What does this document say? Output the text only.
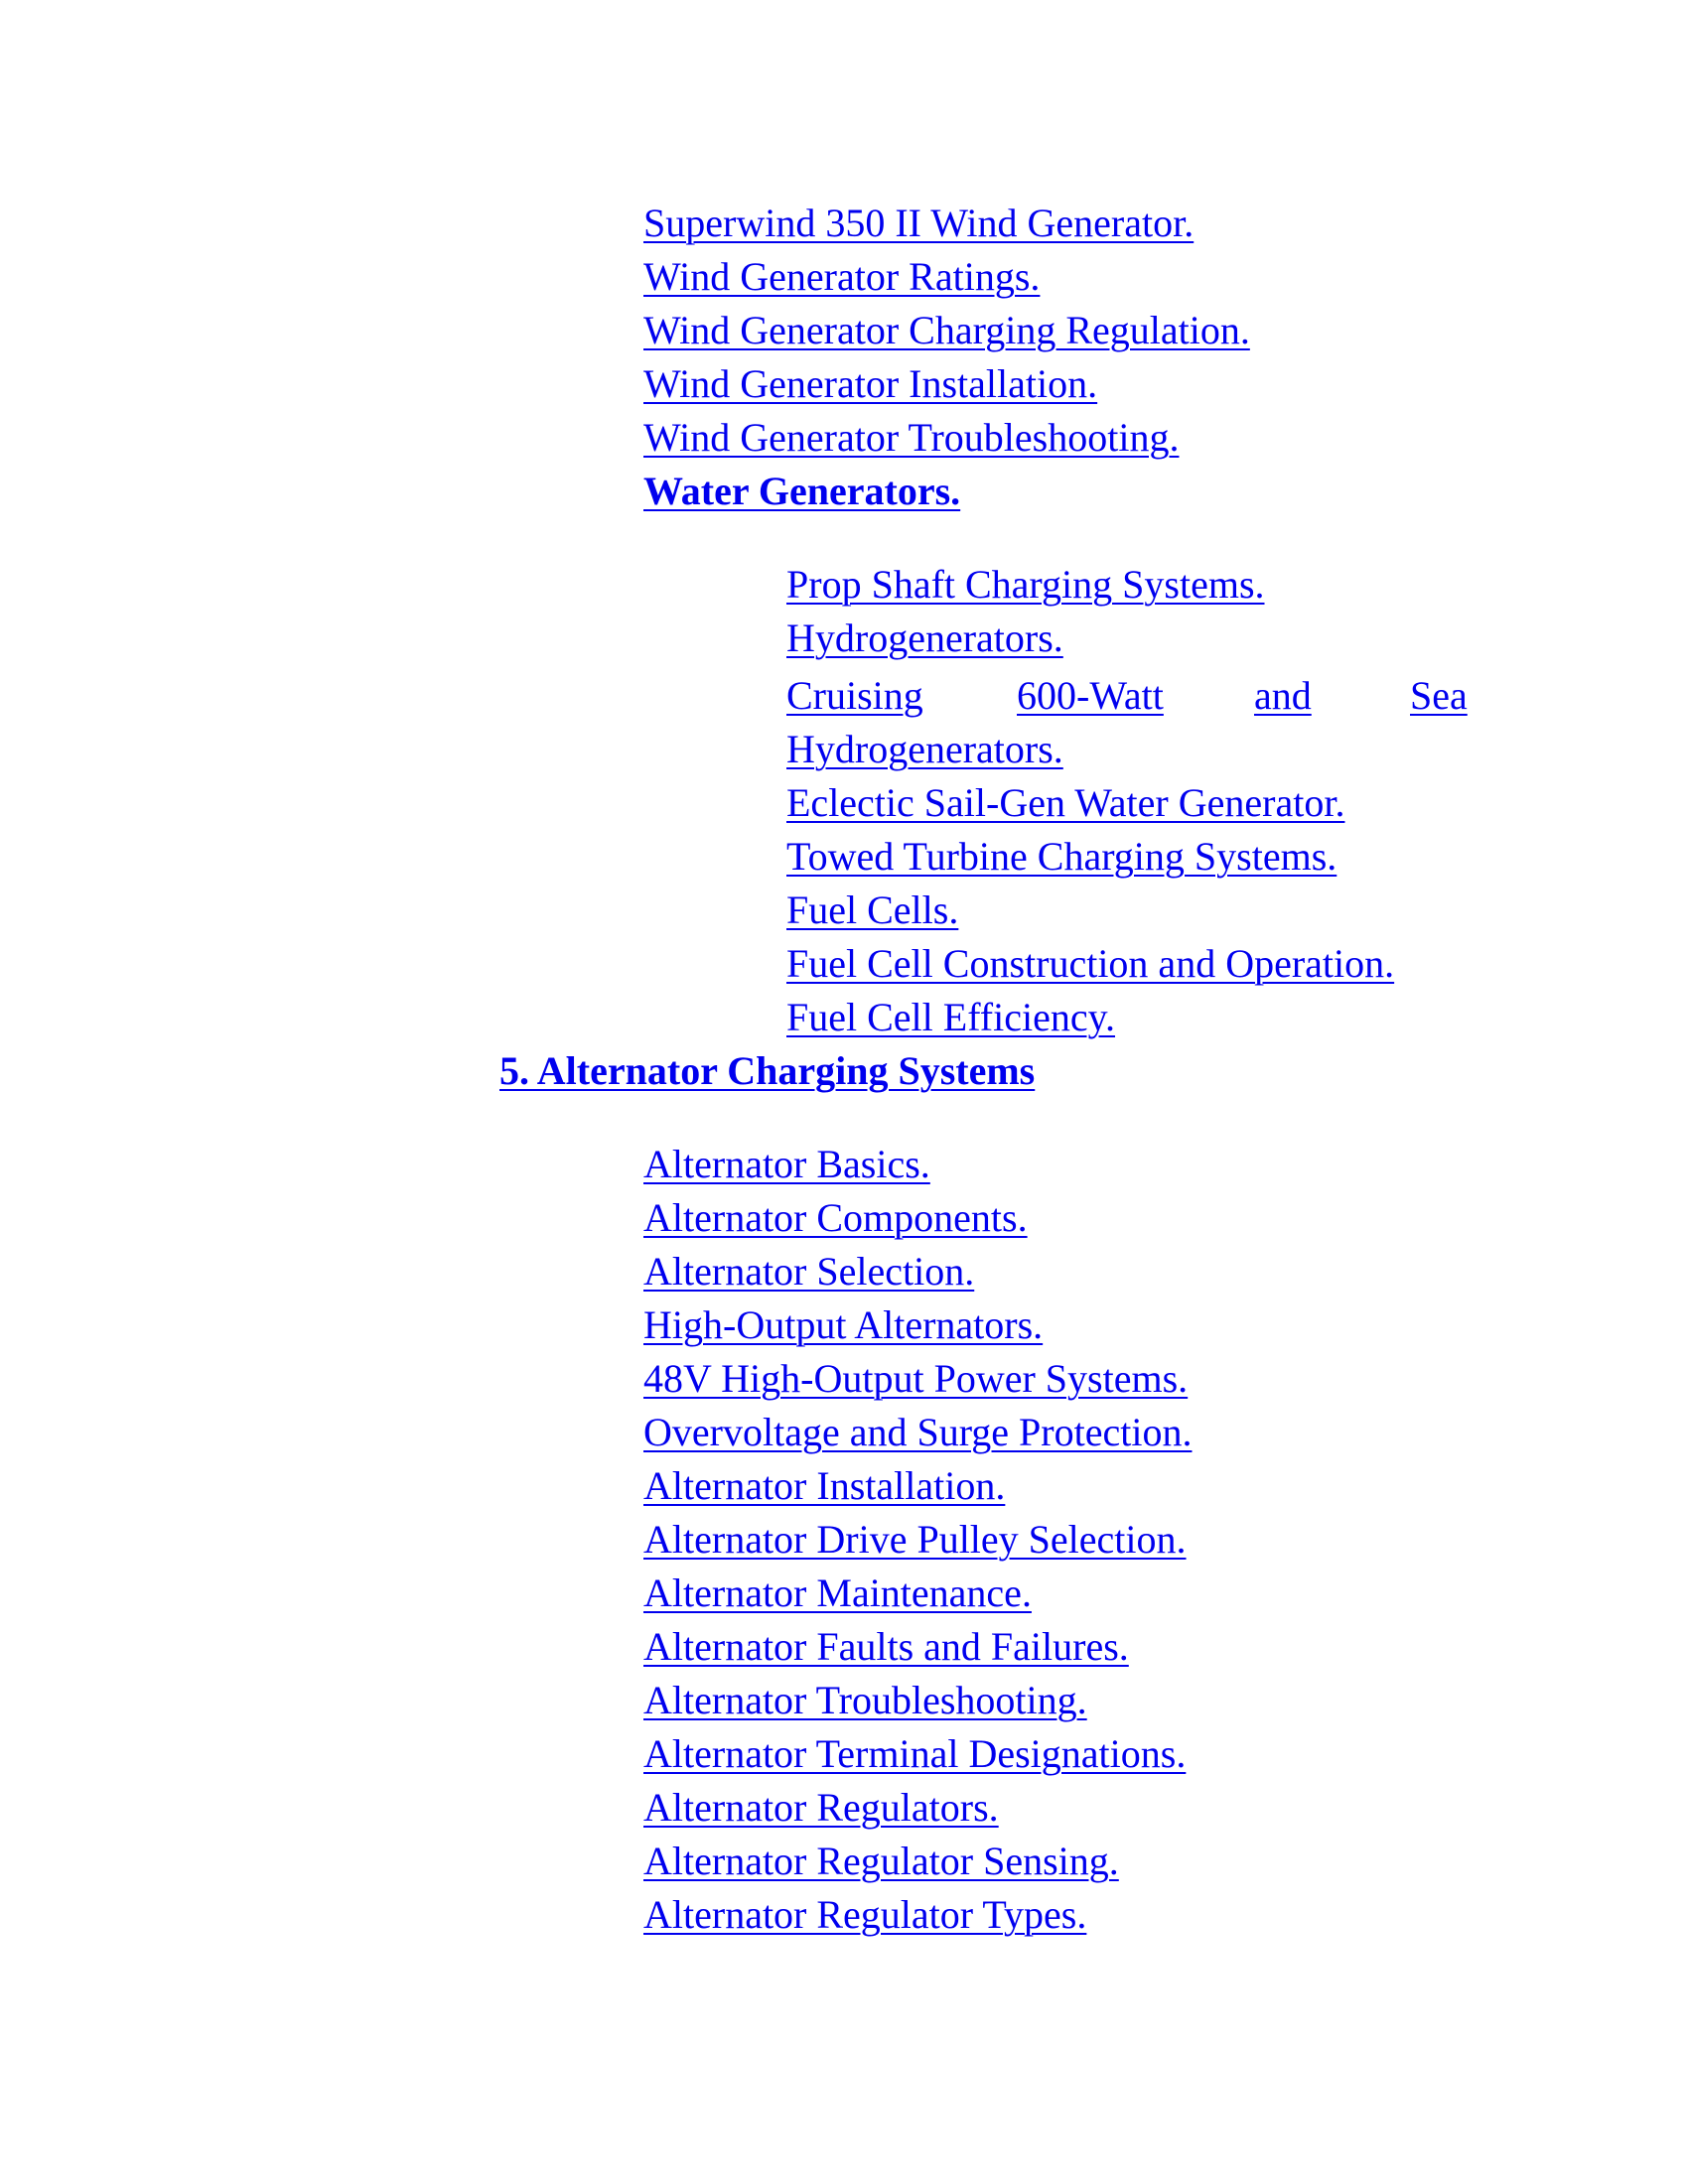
Superwind 350 II Wind Generator.
Wind Generator Ratings.
Wind Generator Charging Regulation.
Wind Generator Installation.
Wind Generator Troubleshooting.
Water Generators.
Prop Shaft Charging Systems.
Hydrogenerators.
Cruising 600-Watt and Sea
Hydrogenerators.
Eclectic Sail-Gen Water Generator.
Towed Turbine Charging Systems.
Fuel Cells.
Fuel Cell Construction and Operation.
Fuel Cell Efficiency.
5. Alternator Charging Systems
Alternator Basics.
Alternator Components.
Alternator Selection.
High-Output Alternators.
48V High-Output Power Systems.
Overvoltage and Surge Protection.
Alternator Installation.
Alternator Drive Pulley Selection.
Alternator Maintenance.
Alternator Faults and Failures.
Alternator Troubleshooting.
Alternator Terminal Designations.
Alternator Regulators.
Alternator Regulator Sensing.
Alternator Regulator Types.
